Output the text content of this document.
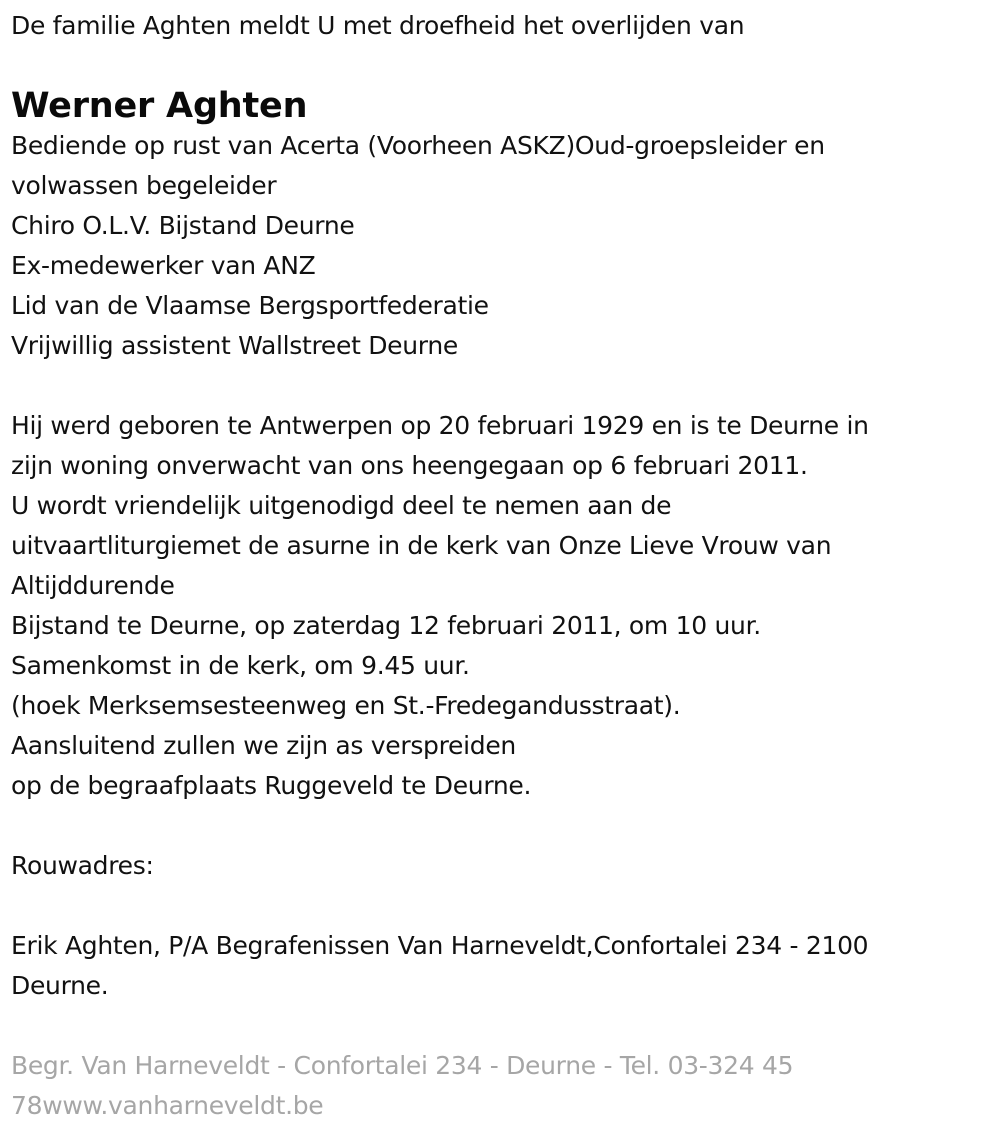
De familie Aghten meldt U met droefheid het overlijden van
Werner Aghten
Bediende op rust van Acerta (Voorheen ASKZ)Oud-groepsleider en
volwassen begeleider
Chiro O.L.V. Bijstand Deurne
Ex-medewerker van ANZ
Lid van de Vlaamse Bergsportfederatie
Vrijwillig assistent Wallstreet Deurne
Hij werd geboren te Antwerpen op 20 februari 1929 en is te Deurne in
zijn woning onverwacht van ons heengegaan op 6 februari 2011.
U wordt vriendelijk uitgenodigd deel te nemen aan de
uitvaartliturgiemet de asurne in de kerk van Onze Lieve Vrouw van
Altijddurende
Bijstand te Deurne, op zaterdag 12 februari 2011, om 10 uur.
Samenkomst in de kerk, om 9.45 uur.
(hoek Merksemsesteenweg en St.-Fredegandusstraat).
Aansluitend zullen we zijn as verspreiden
op de begraafplaats Ruggeveld te Deurne.
Rouwadres:
Erik Aghten, P/A Begrafenissen Van Harneveldt,Confortalei 234 - 2100
Deurne.
Begr. Van Harneveldt - Confortalei 234 - Deurne - Tel. 03-324 45
78www.vanharneveldt.be
